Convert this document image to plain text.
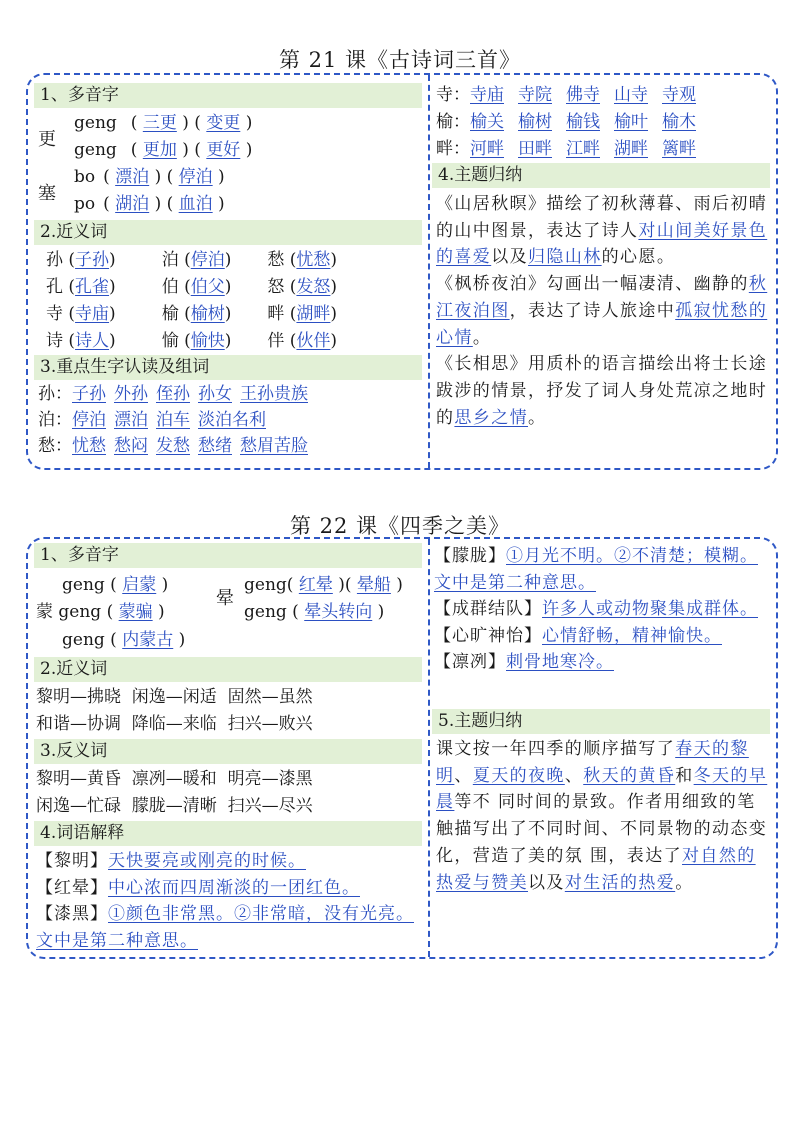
第 21 课《古诗词三首》
1、多音字
更
geng ( 三更 ) ( 变更 )
geng ( 更加 ) ( 更好 )
塞
bo ( 漂泊 ) ( 停泊 )
po ( 湖泊 ) ( 血泊 )
2.近义词
孙 (子孙)	泊 (停泊) 愁 (忧愁)
孔 (孔雀)	伯 (伯父) 怒 (发怒)
寺 (寺庙)	榆 (榆树) 畔 (湖畔)
诗 (诗人)	愉 (愉快) 伴 (伙伴)
3.重点生字认读及组词
孙：子孙 外孙 侄孙 孙女 王孙贵族
泊：停泊 漂泊 泊车 淡泊名利
愁：忧愁 愁闷 发愁 愁绪 愁眉苦脸
寺：寺庙 寺院 佛寺 山寺 寺观
榆：榆关 榆树 榆钱 榆叶 榆木
畔：河畔 田畔 江畔 湖畔 篱畔
4.主题归纳
《山居秋暝》描绘了初秋薄暮、雨后初晴的山中图景，表达了诗人对山间美好景色的喜爱以及归隐山林的心愿。
《枫桥夜泊》勾画出一幅凄清、幽静的秋江夜泊图，表达了诗人旅途中孤寂忧愁的心情。
《长相思》用质朴的语言描绘出将士长途跋涉的情景，抒发了词人身处荒凉之地时的思乡之情。
第 22 课《四季之美》
1、多音字
geng ( 启蒙 )
蒙 geng ( 蒙骗 )
geng ( 内蒙古 )
晕
geng( 红晕 )( 晕船 )
geng ( 晕头转向 )
2.近义词
黎明—拂晓  闲逸—闲适  固然—虽然
和谐—协调  降临—来临  扫兴—败兴
3.反义词
黎明—黄昏  凛冽—暖和  明亮—漆黑
闲逸—忙碌  朦胧—清晰  扫兴—尽兴
4.词语解释
【黎明】天快要亮或刚亮的时候。
【红晕】中心浓而四周渐淡的一团红色。
【漆黑】①颜色非常黑。②非常暗，没有光亮。文中是第二种意思。
【朦胧】①月光不明。②不清楚；模糊。文中是第二种意思。
【成群结队】许多人或动物聚集成群体。
【心旷神怡】心情舒畅，精神愉快。
【凛冽】刺骨地寒冷。
5.主题归纳
课文按一年四季的顺序描写了春天的黎明、夏天的夜晚、秋天的黄昏和冬天的早晨等不 同时间的景致。作者用细致的笔触描写出了不同时间、不同景物的动态变化，营造了美的氛 围，表达了对自然的热爱与赞美以及对生活的热爱。
